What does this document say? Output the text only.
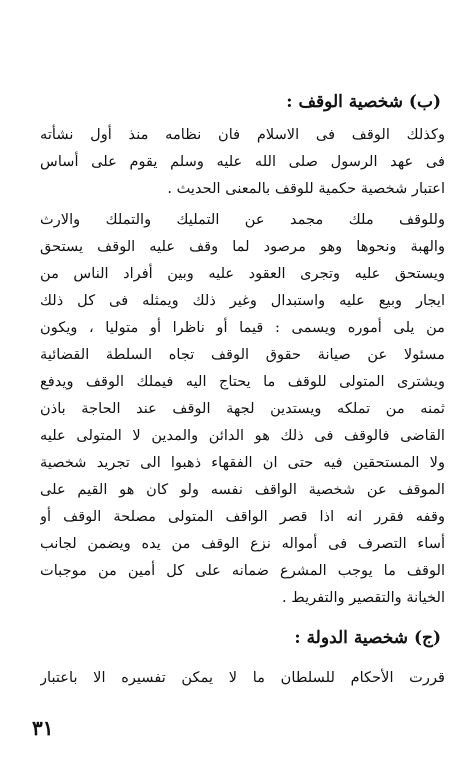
(ب) شخصية الوقف :
وكذلك الوقف فى الاسلام فان نظامه منذ أول نشأته
فى عهد الرسول صلى الله عليه وسلم يقوم على أساس
اعتبار شخصية حكمية للوقف بالمعنى الحديث .
وللوقف ملك مجمد عن التمليك والتملك والارث
والهبة ونحوها وهو مرصود لما وقف عليه الوقف يستحق
ويستحق عليه وتجرى العقود عليه وبين أفراد الناس من
ايجار وبيع عليه واستبدال وغير ذلك ويمثله فى كل ذلك
من يلى أموره ويسمى : قيما أو ناظرا أو متوليا ، ويكون
مسئولا عن صيانة حقوق الوقف تجاه السلطة القضائية
ويشترى المتولى للوقف ما يحتاج اليه فيملك الوقف ويدفع
ثمنه من تملكه ويستدين لجهة الوقف عند الحاجة باذن
القاضى فالوقف فى ذلك هو الدائن والمدين لا المتولى عليه
ولا المستحقين فيه حتى ان الفقهاء ذهبوا الى تجريد شخصية
الموقف عن شخصية الواقف نفسه ولو كان هو القيم على
وقفه فقرر انه اذا قصر الواقف المتولى مصلحة الوقف أو
أساء التصرف فى أمواله نزع الوقف من يده ويضمن لجانب
الوقف ما يوجب المشرع ضمانه على كل أمين من موجبات
الخيانة والتقصير والتفريط .
(ج) شخصية الدولة :
قررت الأحكام للسلطان ما لا يمكن تفسيره الا باعتبار
٣١
